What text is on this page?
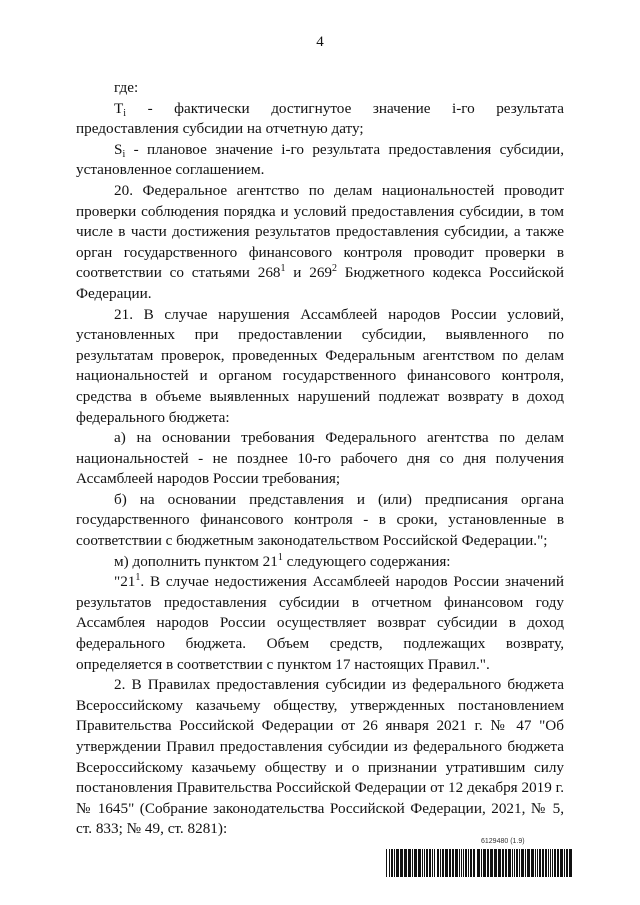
4

где:

$T_i$ - фактически достигнутое значение i-го результата предоставления субсидии на отчетную дату;

$S_i$ - плановое значение i-го результата предоставления субсидии, установленное соглашением.

20. Федеральное агентство по делам национальностей проводит проверки соблюдения порядка и условий предоставления субсидии, в том числе в части достижения результатов предоставления субсидии, а также орган государственного финансового контроля проводит проверки в соответствии со статьями $268^1$ и $269^2$ Бюджетного кодекса Российской Федерации.

21. В случае нарушения Ассамблеей народов России условий, установленных при предоставлении субсидии, выявленного по результатам проверок, проведенных Федеральным агентством по делам национальностей и органом государственного финансового контроля, средства в объеме выявленных нарушений подлежат возврату в доход федерального бюджета:

а) на основании требования Федерального агентства по делам национальностей - не позднее 10-го рабочего дня со дня получения Ассамблеей народов России требования;

б) на основании представления и (или) предписания органа государственного финансового контроля - в сроки, установленные в соответствии с бюджетным законодательством Российской Федерации.";

м) дополнить пунктом $21^1$ следующего содержания:

"$21^1$. В случае недостижения Ассамблеей народов России значений результатов предоставления субсидии в отчетном финансовом году Ассамблея народов России осуществляет возврат субсидии в доход федерального бюджета. Объем средств, подлежащих возврату, определяется в соответствии с пунктом 17 настоящих Правил.".

2. В Правилах предоставления субсидии из федерального бюджета Всероссийскому казачьему обществу, утвержденных постановлением Правительства Российской Федерации от 26 января 2021 г. № 47 "Об утверждении Правил предоставления субсидии из федерального бюджета Всероссийскому казачьему обществу и о признании утратившим силу постановления Правительства Российской Федерации от 12 декабря 2019 г. № 1645" (Собрание законодательства Российской Федерации, 2021, № 5, ст. 833; № 49, ст. 8281):

6129480 (1.9)
